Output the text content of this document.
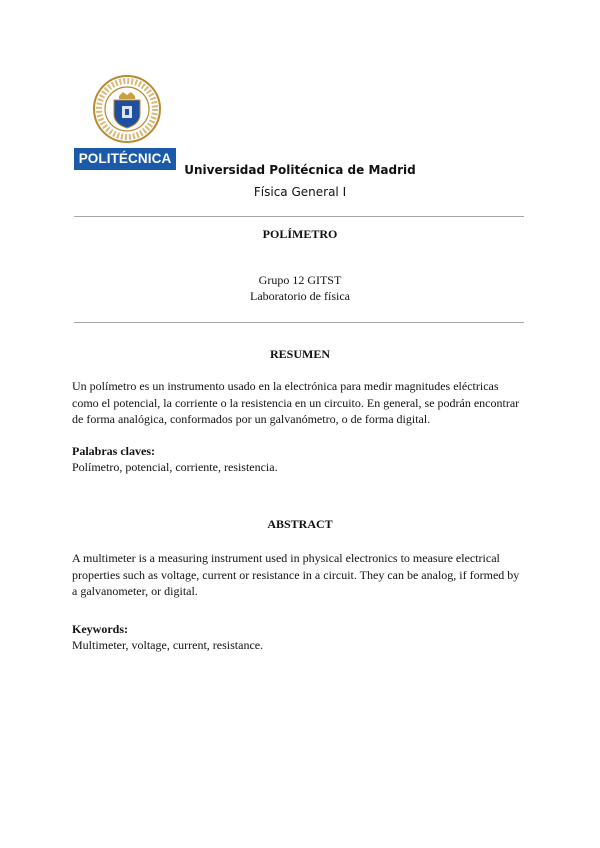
POLITÉCNICA
Universidad Politécnica de Madrid
Física General I
POLÍMETRO
Grupo 12 GITST
Laboratorio de física
RESUMEN

Un polímetro es un instrumento usado en la electrónica para medir magnitudes eléctricas
como el potencial, la corriente o la resistencia en un circuito. En general, se podrán encontrar
de forma analógica, conformados por un galvanómetro, o de forma digital.

Palabras claves:
Polímetro, potencial, corriente, resistencia.
ABSTRACT

A multimeter is a measuring instrument used in physical electronics to measure electrical
properties such as voltage, current or resistance in a circuit. They can be analog, if formed by
a galvanometer, or digital.

Keywords:
Multimeter, voltage, current, resistance.
